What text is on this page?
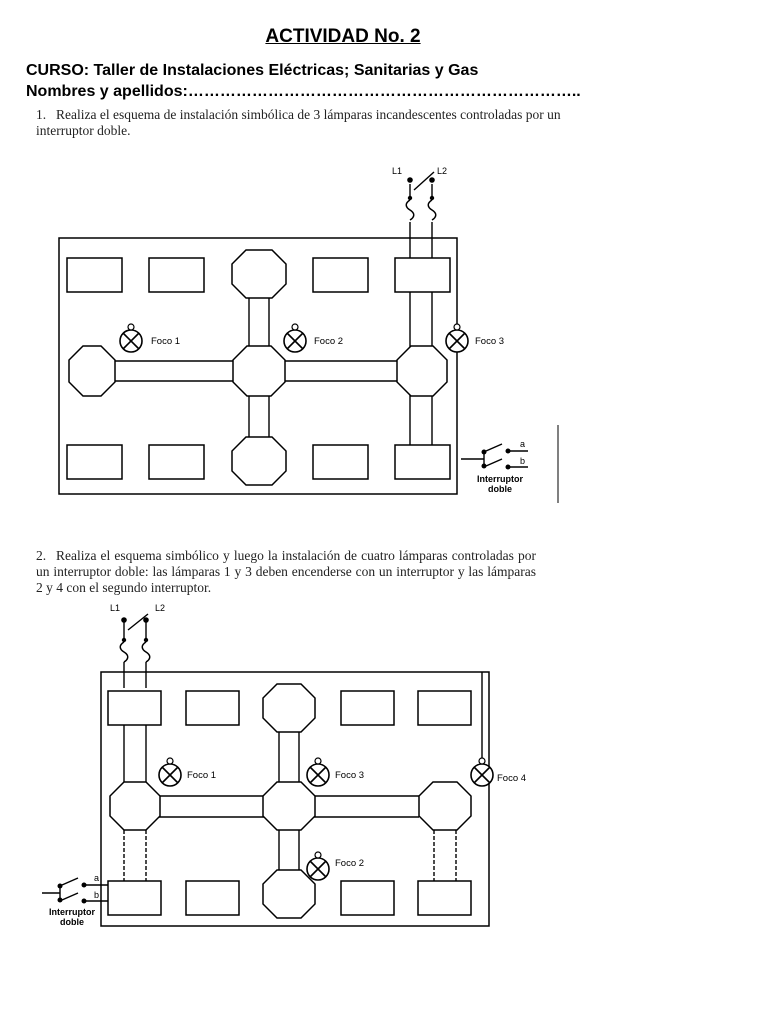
ACTIVIDAD No. 2
CURSO: Taller de Instalaciones Eléctricas; Sanitarias y Gas
Nombres y apellidos:………………………………………………………………..
1. Realiza el esquema de instalación simbólica de 3 lámparas incandescentes controladas por un interruptor doble.
2. Realiza el esquema simbólico y luego la instalación de cuatro lámparas controladas por un interruptor doble: las lámparas 1 y 3 deben encenderse con un interruptor y las lámparas 2 y 4 con el segundo interruptor.
L1	L2
Foco 1	Foco 2	Foco 3
a
b
Interruptor
doble
L1	L2
Foco 1	Foco 3	Foco 4
Foco 2
a
b
Interruptor
doble
